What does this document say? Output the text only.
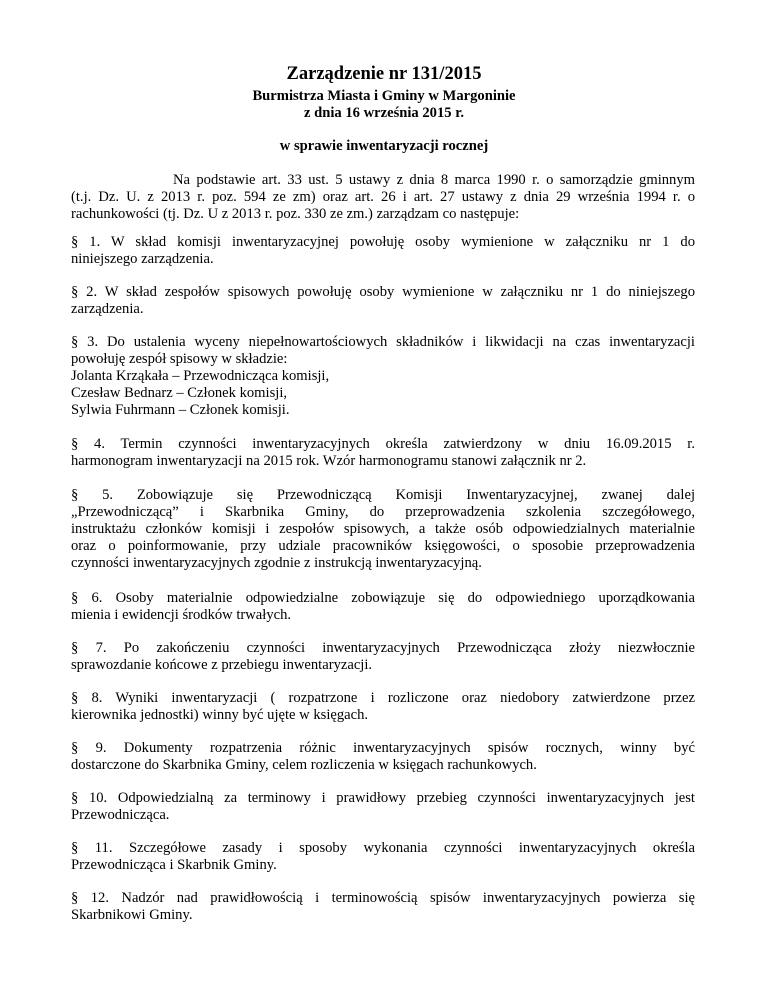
Zarządzenie nr 131/2015
Burmistrza Miasta i Gminy w Margoninie
z dnia 16 września 2015 r.
w sprawie inwentaryzacji rocznej

Na podstawie art. 33 ust. 5 ustawy z dnia 8 marca 1990 r. o samorządzie gminnym

(t.j. Dz. U. z 2013 r. poz. 594 ze zm) oraz art. 26 i art. 27 ustawy z dnia 29 września 1994 r. o

rachunkowości (tj. Dz. U z 2013 r. poz. 330 ze zm.) zarządzam co następuje:

§ 1. W skład komisji inwentaryzacyjnej powołuję osoby wymienione w załączniku nr 1 do

niniejszego zarządzenia.

§ 2. W skład zespołów spisowych powołuję osoby wymienione w załączniku nr 1 do niniejszego

zarządzenia.

§ 3. Do ustalenia wyceny niepełnowartościowych składników i likwidacji na czas inwentaryzacji

powołuję zespół spisowy w składzie:

Jolanta Krząkała – Przewodnicząca komisji,

Czesław Bednarz – Członek komisji,

Sylwia Fuhrmann – Członek komisji.

§ 4. Termin czynności inwentaryzacyjnych określa zatwierdzony w dniu 16.09.2015 r.

harmonogram inwentaryzacji na 2015 rok. Wzór harmonogramu stanowi załącznik nr 2.

§ 5. Zobowiązuje się Przewodniczącą Komisji Inwentaryzacyjnej, zwanej dalej

„Przewodniczącą” i Skarbnika Gminy, do przeprowadzenia szkolenia szczegółowego,

instruktażu członków komisji i zespołów spisowych, a także osób odpowiedzialnych materialnie

oraz o poinformowanie, przy udziale pracowników księgowości, o sposobie przeprowadzenia

czynności inwentaryzacyjnych zgodnie z instrukcją inwentaryzacyjną.

§ 6. Osoby materialnie odpowiedzialne zobowiązuje się do odpowiedniego uporządkowania

mienia i ewidencji środków trwałych.

§ 7. Po zakończeniu czynności inwentaryzacyjnych Przewodnicząca złoży niezwłocznie

sprawozdanie końcowe z przebiegu inwentaryzacji.

§ 8. Wyniki inwentaryzacji ( rozpatrzone i rozliczone oraz niedobory zatwierdzone przez

kierownika jednostki) winny być ujęte w księgach.

§ 9. Dokumenty rozpatrzenia różnic inwentaryzacyjnych spisów rocznych, winny być

dostarczone do Skarbnika Gminy, celem rozliczenia w księgach rachunkowych.

§ 10. Odpowiedzialną za terminowy i prawidłowy przebieg czynności inwentaryzacyjnych jest

Przewodnicząca.

§ 11. Szczegółowe zasady i sposoby wykonania czynności inwentaryzacyjnych określa

Przewodnicząca i Skarbnik Gminy.

§ 12. Nadzór nad prawidłowością i terminowością spisów inwentaryzacyjnych powierza się

Skarbnikowi Gminy.
